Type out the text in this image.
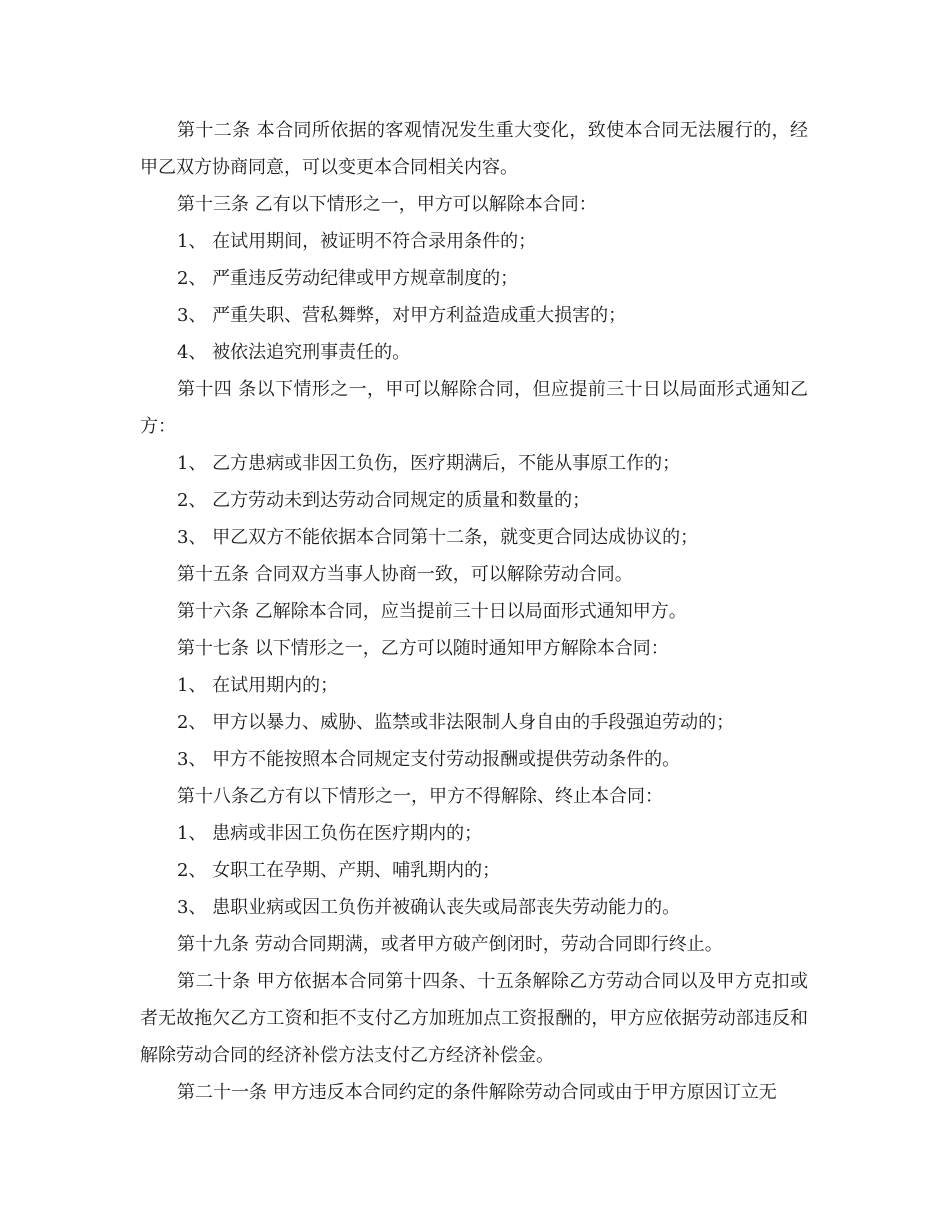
第十二条 本合同所依据的客观情况发生重大变化，致使本合同无法履行的，经甲乙双方协商同意，可以变更本合同相关内容。

第十三条 乙有以下情形之一，甲方可以解除本合同：

1、 在试用期间，被证明不符合录用条件的；

2、 严重违反劳动纪律或甲方规章制度的；

3、 严重失职、营私舞弊，对甲方利益造成重大损害的；

4、 被依法追究刑事责任的。

第十四 条以下情形之一，甲可以解除合同，但应提前三十日以局面形式通知乙方：

1、 乙方患病或非因工负伤，医疗期满后，不能从事原工作的；

2、 乙方劳动未到达劳动合同规定的质量和数量的；

3、 甲乙双方不能依据本合同第十二条，就变更合同达成协议的；

第十五条 合同双方当事人协商一致，可以解除劳动合同。

第十六条 乙解除本合同，应当提前三十日以局面形式通知甲方。

第十七条 以下情形之一，乙方可以随时通知甲方解除本合同：

1、 在试用期内的；

2、 甲方以暴力、威胁、监禁或非法限制人身自由的手段强迫劳动的；

3、 甲方不能按照本合同规定支付劳动报酬或提供劳动条件的。

第十八条乙方有以下情形之一，甲方不得解除、终止本合同：

1、 患病或非因工负伤在医疗期内的；

2、 女职工在孕期、产期、哺乳期内的；

3、 患职业病或因工负伤并被确认丧失或局部丧失劳动能力的。

第十九条 劳动合同期满，或者甲方破产倒闭时，劳动合同即行终止。

第二十条 甲方依据本合同第十四条、十五条解除乙方劳动合同以及甲方克扣或者无故拖欠乙方工资和拒不支付乙方加班加点工资报酬的，甲方应依据劳动部违反和解除劳动合同的经济补偿方法支付乙方经济补偿金。

第二十一条 甲方违反本合同约定的条件解除劳动合同或由于甲方原因订立无
